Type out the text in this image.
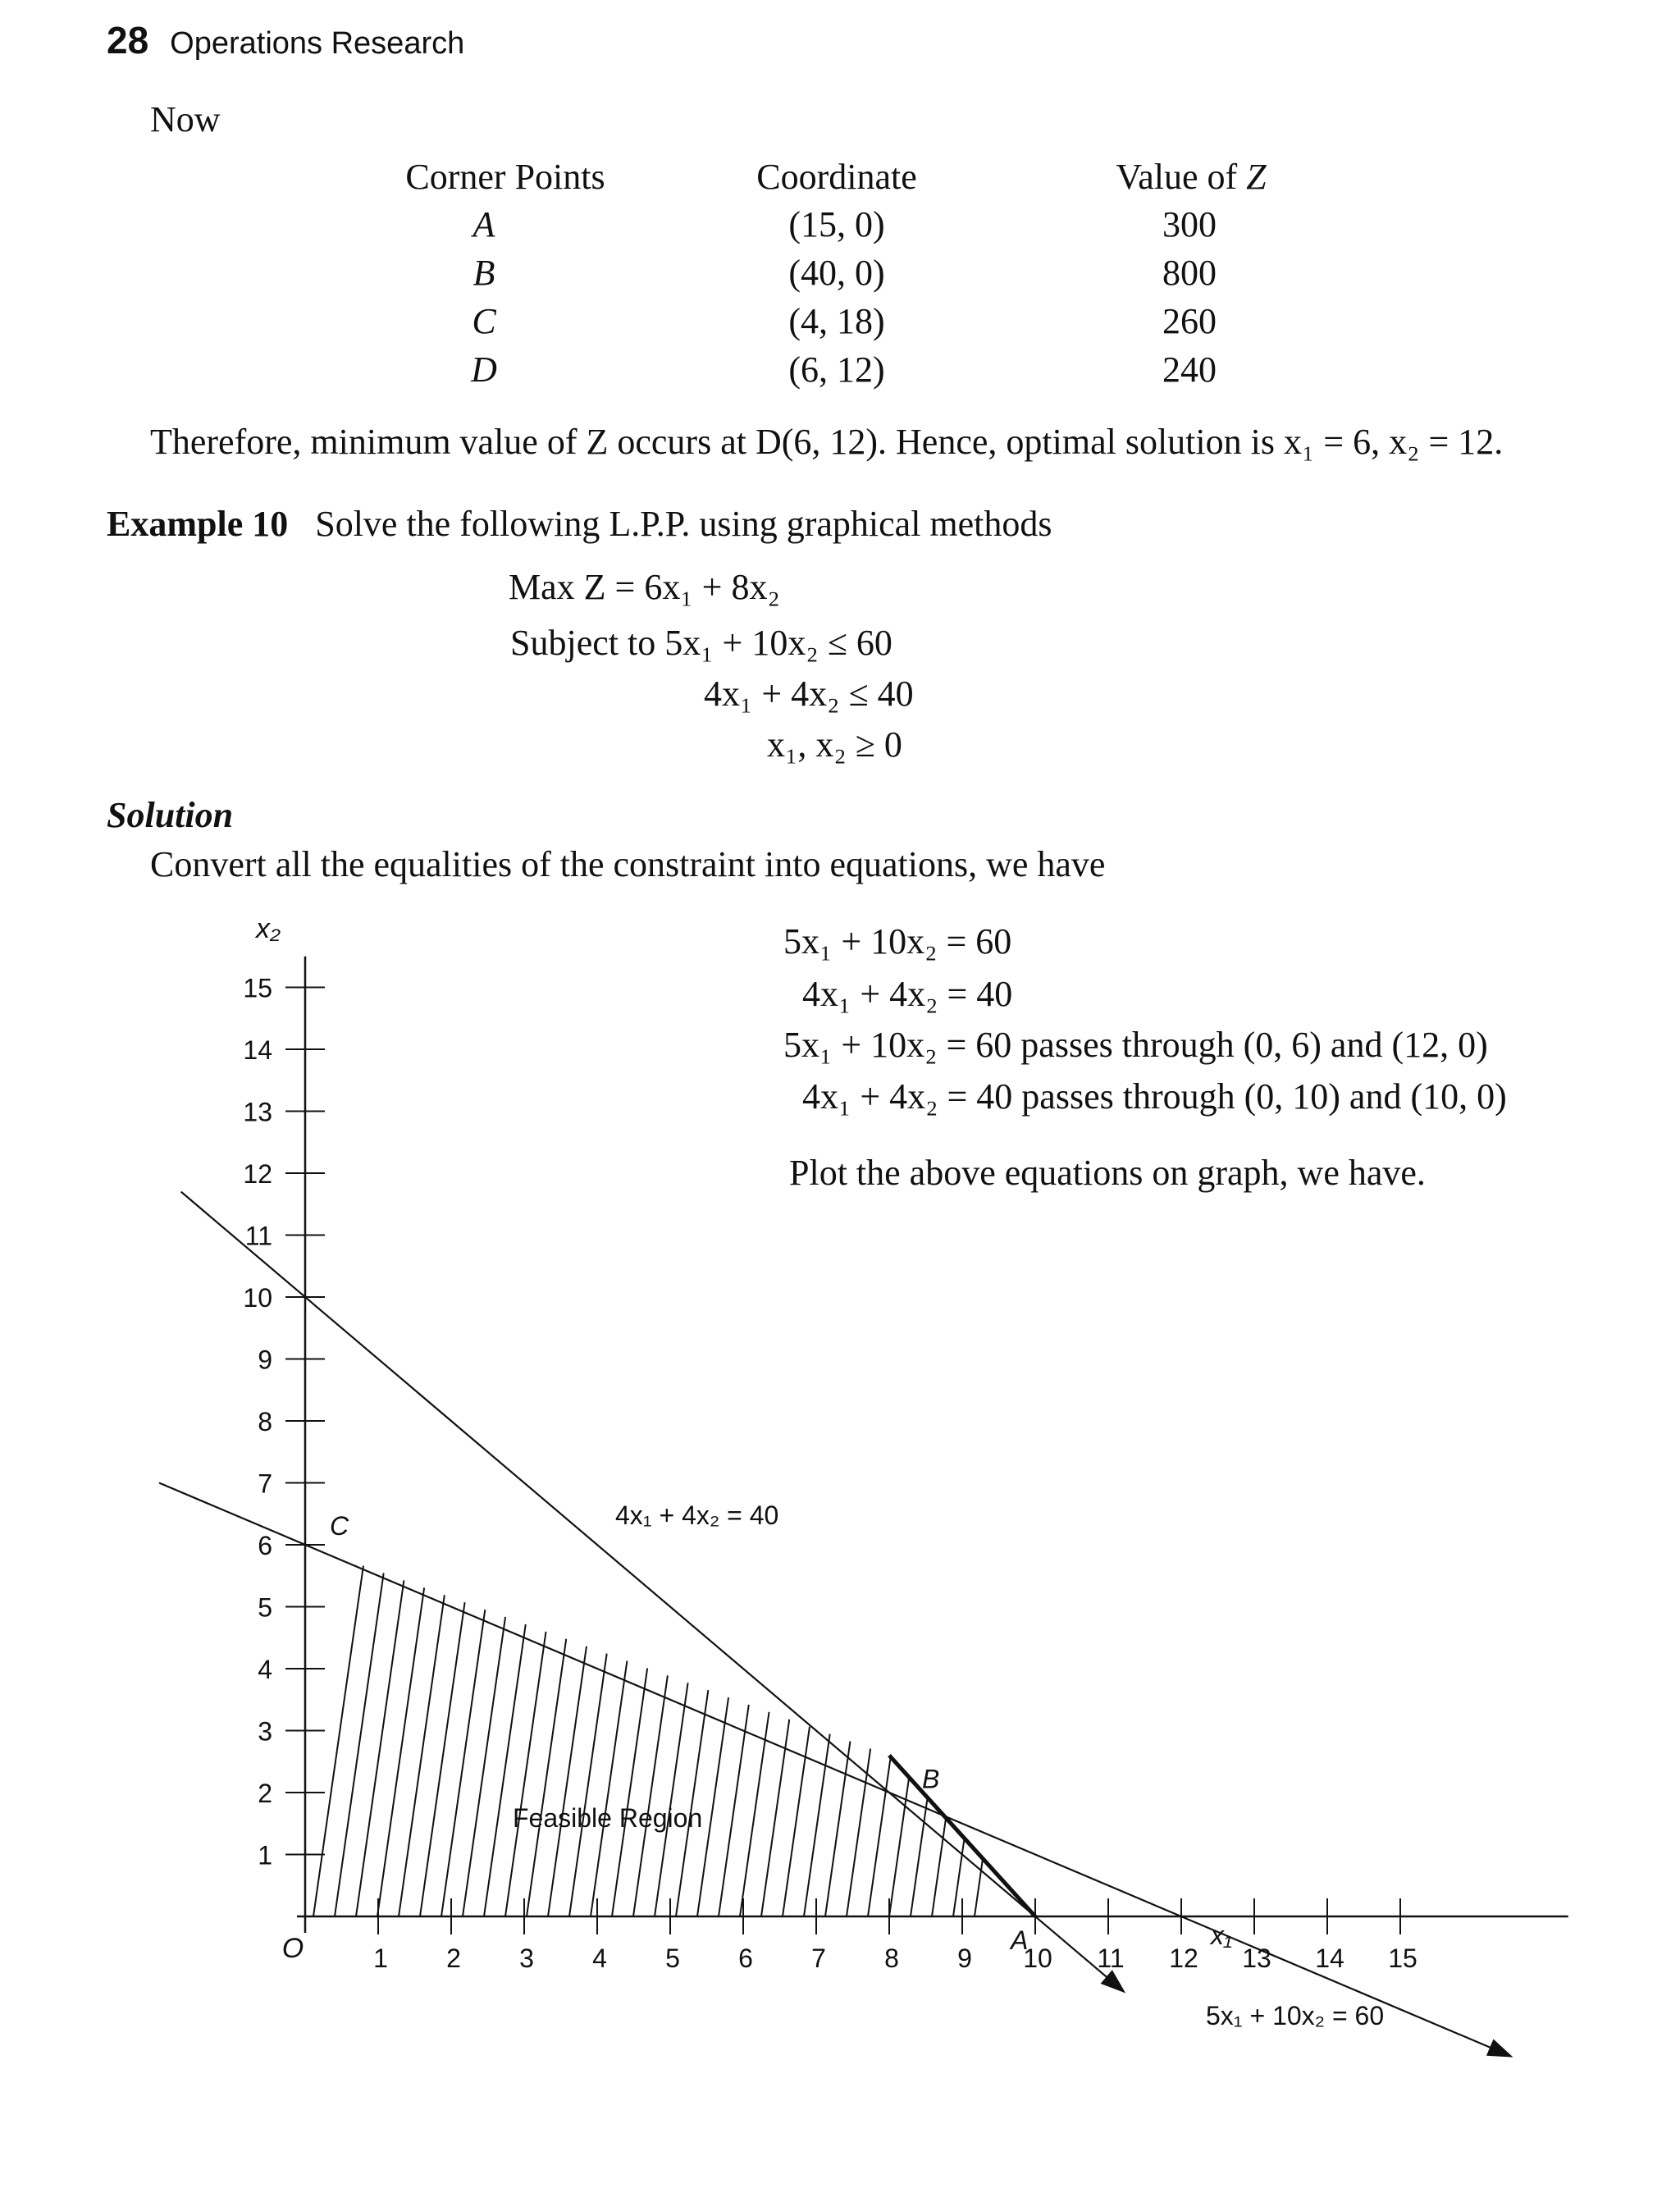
28 Operations Research
Now
Corner Points	Coordinate	Value of Z
A	(15, 0)	300
B	(40, 0)	800
C	(4, 18)	260
D	(6, 12)	240
Therefore, minimum value of Z occurs at D(6, 12). Hence, optimal solution is x₁ = 6, x₂ = 12.
Example 10 Solve the following L.P.P. using graphical methods
Max Z = 6x₁ + 8x₂
Subject to 5x₁ + 10x₂ ≤ 60
4x₁ + 4x₂ ≤ 40
x₁, x₂ ≥ 0
Solution
Convert all the equalities of the constraint into equations, we have
5x₁ + 10x₂ = 60
4x₁ + 4x₂ = 40
5x₁ + 10x₂ = 60 passes through (0, 6) and (12, 0)
4x₁ + 4x₂ = 40 passes through (0, 10) and (10, 0)
Plot the above equations on graph, we have.
1
2
3
4
5
6
7
8
9
10
11
12
13
14
15
1 2 3 4 5 6 7 8 9 10 11 12 13 14 15
x₂
x₁
O
4x₁ + 4x₂ = 40
5x₁ + 10x₂ = 60
C
B
A
Feasible Region
